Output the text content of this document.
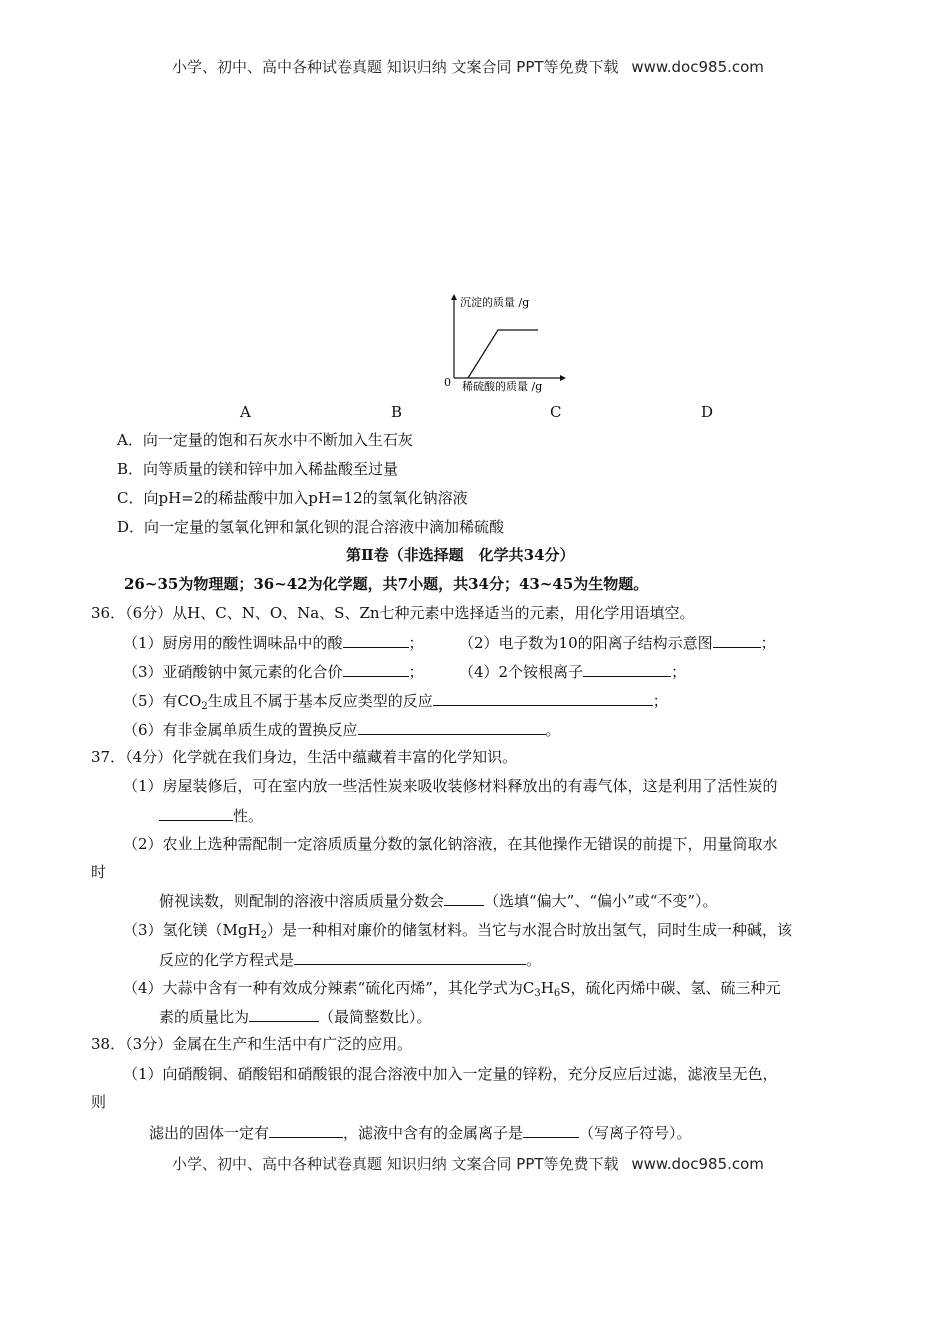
小学、初中、高中各种试卷真题 知识归纳 文案合同 PPT等免费下载 www.doc985.com
沉淀的质量 /g
0 稀硫酸的质量 /g
A	B	C	D
A．向一定量的饱和石灰水中不断加入生石灰
B．向等质量的镁和锌中加入稀盐酸至过量
C．向pH=2的稀盐酸中加入pH=12的氢氧化钠溶液
D．向一定量的氢氧化钾和氯化钡的混合溶液中滴加稀硫酸
第Ⅱ卷（非选择题　化学共34分）
26~35为物理题；36~42为化学题，共7小题，共34分；43~45为生物题。
36．（6分）从H、C、N、O、Na、S、Zn七种元素中选择适当的元素，用化学用语填空。
（1）厨房用的酸性调味品中的酸	； （2）电子数为10的阳离子结构示意图	；
（3）亚硝酸钠中氮元素的化合价	； （4）2个铵根离子	；
（5）有$CO_2$生成且不属于基本反应类型的反应	；
（6）有非金属单质生成的置换反应	。
37．（4分）化学就在我们身边，生活中蕴藏着丰富的化学知识。
（1）房屋装修后，可在室内放一些活性炭来吸收装修材料释放出的有毒气体，这是利用了活性炭的
性。
（2）农业上选种需配制一定溶质质量分数的氯化钠溶液，在其他操作无错误的前提下，用量筒取水
时
俯视读数，则配制的溶液中溶质质量分数会	（选填“偏大”、“偏小”或“不变”）。
（3）氢化镁（MgH$_2$）是一种相对廉价的储氢材料。当它与水混合时放出氢气，同时生成一种碱，该
反应的化学方程式是	。
（4）大蒜中含有一种有效成分辣素“硫化丙烯”，其化学式为$C_3H_6S$，硫化丙烯中碳、氢、硫三种元
素的质量比为	（最简整数比）。
38．（3分）金属在生产和生活中有广泛的应用。
（1）向硝酸铜、硝酸铝和硝酸银的混合溶液中加入一定量的锌粉，充分反应后过滤，滤液呈无色，
则
滤出的固体一定有	，滤液中含有的金属离子是	（写离子符号）。
小学、初中、高中各种试卷真题 知识归纳 文案合同 PPT等免费下载 www.doc985.com
